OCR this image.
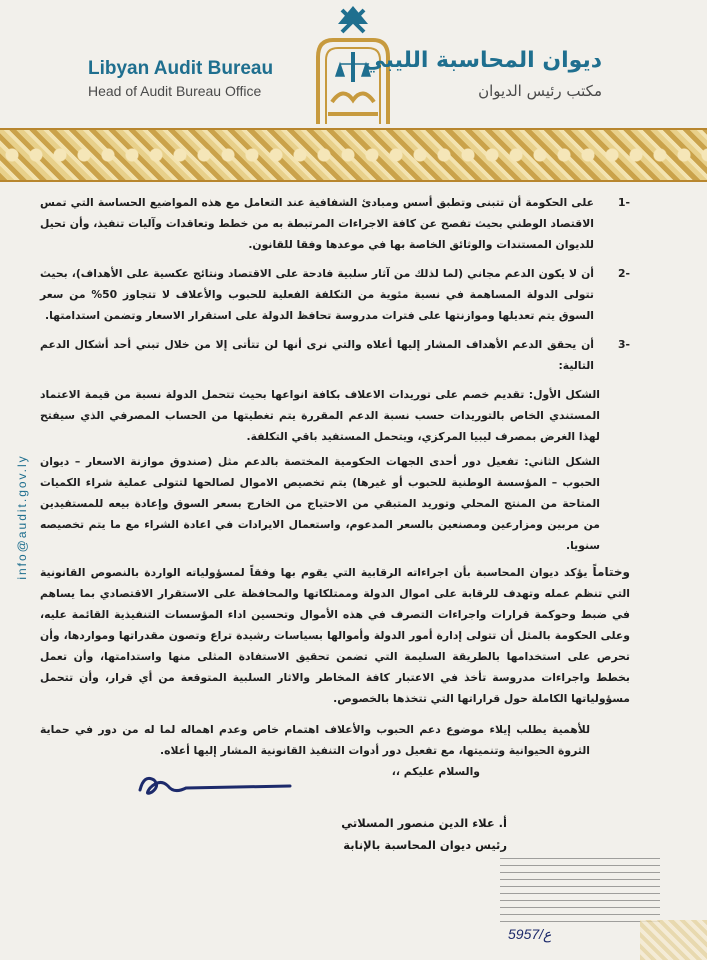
Libyan Audit Bureau
Head of Audit Bureau Office
ديوان المحاسبة الليبي
مكتب رئيس الديوان
info@audit.gov.ly
-1
على الحكومة أن تتبنى وتطبق أسس ومبادئ الشفافية عند التعامل مع هذه المواضيع الحساسة التي تمس الاقتصاد الوطني بحيث تفصح عن كافة الاجراءات المرتبطة به من خطط وتعاقدات وآليات تنفيذ، وأن تحيل للديوان المستندات والوثائق الخاصة بها في موعدها وفقا للقانون.
-2
أن لا يكون الدعم مجاني (لما لذلك من آثار سلبية فادحة على الاقتصاد ونتائج عكسية على الأهداف)، بحيث تتولى الدولة المساهمة في نسبة مئوية من التكلفة الفعلية للحبوب والأعلاف لا تتجاوز 50% من سعر السوق يتم تعديلها وموازنتها على فترات مدروسة تحافظ الدولة على استقرار الاسعار وتضمن استدامتها.
-3
أن يحقق الدعم الأهداف المشار إليها أعلاه والتي نرى أنها لن تتأتى إلا من خلال تبني أحد أشكال الدعم التالية:
الشكل الأول: تقديم خصم على توريدات الاعلاف بكافة انواعها بحيث تتحمل الدولة نسبة من قيمة الاعتماد المستندي الخاص بالتوريدات حسب نسبة الدعم المقررة يتم تغطيتها من الحساب المصرفي الذي سيفتح لهذا الغرض بمصرف ليبيا المركزي، ويتحمل المستفيد باقي التكلفة.
الشكل الثاني: تفعيل دور أحدى الجهات الحكومية المختصة بالدعم مثل (صندوق موازنة الاسعار – ديوان الحبوب – المؤسسة الوطنية للحبوب أو غيرها) يتم تخصيص الاموال لصالحها لتتولى عملية شراء الكميات المتاحة من المنتج المحلي وتوريد المتبقي من الاحتياج من الخارج بسعر السوق وإعادة بيعه للمستفيدين من مربين ومزارعين ومصنعين بالسعر المدعوم، واستعمال الايرادات في اعادة الشراء مع ما يتم تخصيصه سنويا.
وختاماً يؤكد ديوان المحاسبة بأن اجراءاته الرقابية التي يقوم بها وفقاً لمسؤولياته الواردة بالنصوص القانونية التي تنظم عمله وتهدف للرقابة على اموال الدولة وممتلكاتها والمحافظة على الاستقرار الاقتصادي بما يساهم في ضبط وحوكمة قرارات واجراءات التصرف في هذه الأموال وتحسين اداء المؤسسات التنفيذية القائمة عليه، وعلى الحكومة بالمثل أن تتولى إدارة أمور الدولة وأموالها بسياسات رشيدة تراع وتصون مقدراتها ومواردها، وأن تحرص على استخدامها بالطريقة السليمة التي تضمن تحقيق الاستفادة المثلى منها واستدامتها، وأن تعمل بخطط واجراءات مدروسة تأخذ في الاعتبار كافة المخاطر والاثار السلبية المتوقعة من أي قرار، وأن تتحمل مسؤولياتها الكاملة حول قراراتها التي تتخذها بالخصوص.
للأهمية يطلب إيلاء موضوع دعم الحبوب والأعلاف اهتمام خاص وعدم اهماله لما له من دور في حماية الثروة الحيوانية وتنميتها، مع تفعيل دور أدوات التنفيذ القانونية المشار إليها أعلاه.
والسلام عليكم ،،
أ. علاء الدين منصور المسلاتي
رئيس ديوان المحاسبة بالإنابة
ع/5957
